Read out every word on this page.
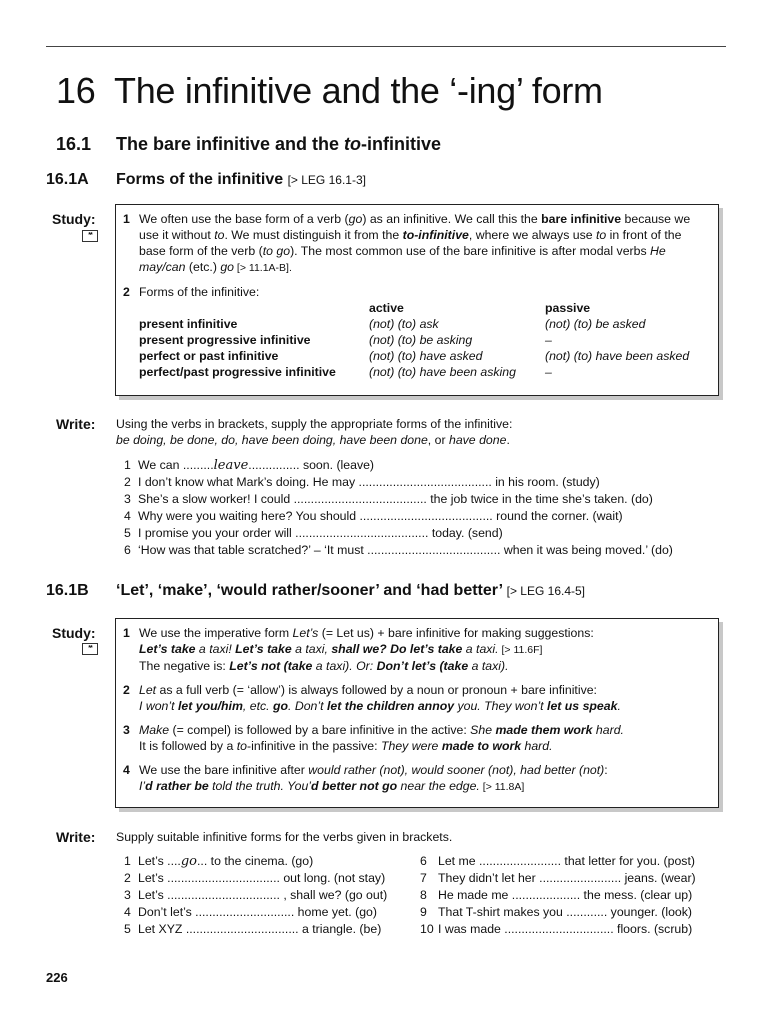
16 The infinitive and the ‘-ing’ form
16.1 The bare infinitive and the to-infinitive
16.1A Forms of the infinitive [> LEG 16.1-3]
Study:
**
1 We often use the base form of a verb (go) as an infinitive. We call this the bare infinitive because we use it without to. We must distinguish it from the to-infinitive, where we always use to in front of the base form of the verb (to go). The most common use of the bare infinitive is after modal verbs He may/can (etc.) go [> 11.1A-B].

2 Forms of the infinitive:

	active	passive
present infinitive	(not) (to) ask	(not) (to) be asked
present progressive infinitive	(not) (to) be asking	–
perfect or past infinitive	(not) (to) have asked	(not) (to) have been asked
perfect/past progressive infinitive	(not) (to) have been asking	–
Write: Using the verbs in brackets, supply the appropriate forms of the infinitive:
be doing, be done, do, have been doing, have been done, or have done.
1 We can .........leave............... soon. (leave)
2 I don’t know what Mark’s doing. He may ....................................... in his room. (study)
3 She’s a slow worker! I could ....................................... the job twice in the time she’s taken. (do)
4 Why were you waiting here? You should ....................................... round the corner. (wait)
5 I promise you your order will ....................................... today. (send)
6 ‘How was that table scratched?’ – ‘It must ....................................... when it was being moved.’ (do)
16.1B ‘Let’, ‘make’, ‘would rather/sooner’ and ‘had better’ [> LEG 16.4-5]
Study:
**
1 We use the imperative form Let’s (= Let us) + bare infinitive for making suggestions:

Let’s take a taxi! Let’s take a taxi, shall we? Do let’s take a taxi. [> 11.6F]

The negative is: Let’s not (take a taxi). Or: Don’t let’s (take a taxi).

2 Let as a full verb (= ‘allow’) is always followed by a noun or pronoun + bare infinitive:

I won’t let you/him, etc. go. Don’t let the children annoy you. They won’t let us speak.

3 Make (= compel) is followed by a bare infinitive in the active: She made them work hard.

It is followed by a to-infinitive in the passive: They were made to work hard.

4 We use the bare infinitive after would rather (not), would sooner (not), had better (not):

I’d rather be told the truth. You’d better not go near the edge. [> 11.8A]

Write: Supply suitable infinitive forms for the verbs given in brackets.
1 Let’s ....go... to the cinema. (go)
2 Let’s ................................. out long. (not stay)
3 Let’s ................................. , shall we? (go out)
4 Don’t let’s ............................. home yet. (go)
5 Let XYZ ................................. a triangle. (be)
6 Let me ........................ that letter for you. (post)
7 They didn’t let her ........................ jeans. (wear)
8 He made me .................... the mess. (clear up)
9 That T-shirt makes you ............ younger. (look)
10 I was made ................................ floors. (scrub)
226
